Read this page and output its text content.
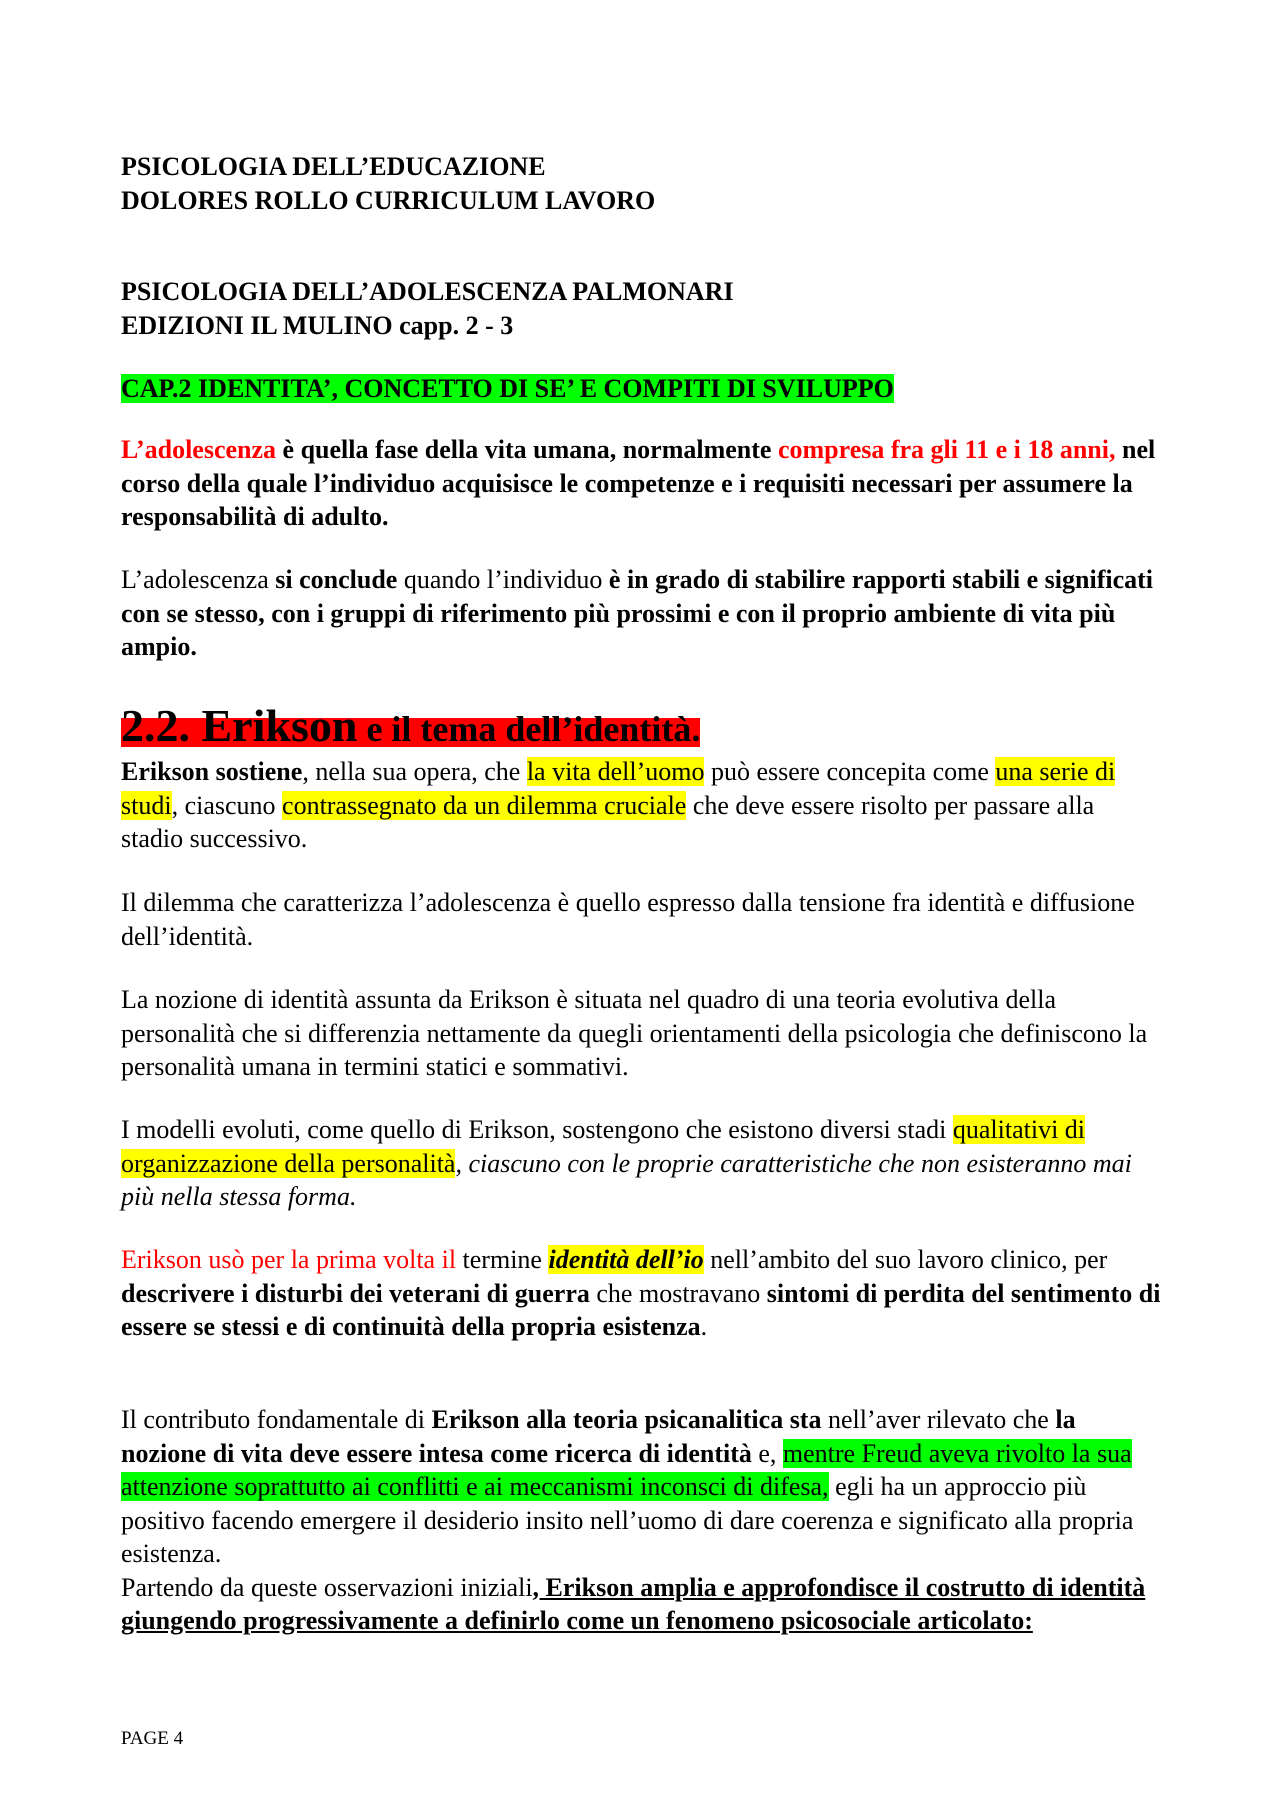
PSICOLOGIA DELL’EDUCAZIONE
DOLORES ROLLO CURRICULUM LAVORO

PSICOLOGIA DELL’ADOLESCENZA PALMONARI
EDIZIONI IL MULINO capp. 2 - 3

CAP.2 IDENTITA’, CONCETTO DI SE’ E COMPITI DI SVILUPPO

L’adolescenza è quella fase della vita umana, normalmente compresa fra gli 11 e i 18 anni, nel corso della quale l’individuo acquisisce le competenze e i requisiti necessari per assumere la responsabilità di adulto.

L’adolescenza si conclude quando l’individuo è in grado di stabilire rapporti stabili e significati con se stesso, con i gruppi di riferimento più prossimi e con il proprio ambiente di vita più ampio.

2.2. Erikson e il tema dell’identità.

Erikson sostiene, nella sua opera, che la vita dell’uomo può essere concepita come una serie di studi, ciascuno contrassegnato da un dilemma cruciale che deve essere risolto per passare alla stadio successivo.

Il dilemma che caratterizza l’adolescenza è quello espresso dalla tensione fra identità e diffusione dell’identità.

La nozione di identità assunta da Erikson è situata nel quadro di una teoria evolutiva della personalità che si differenzia nettamente da quegli orientamenti della psicologia che definiscono la personalità umana in termini statici e sommativi.

I modelli evoluti, come quello di Erikson, sostengono che esistono diversi stadi qualitativi di organizzazione della personalità, ciascuno con le proprie caratteristiche che non esisteranno mai più nella stessa forma.

Erikson usò per la prima volta il termine identità dell’io nell’ambito del suo lavoro clinico, per descrivere i disturbi dei veterani di guerra che mostravano sintomi di perdita del sentimento di essere se stessi e di continuità della propria esistenza.

Il contributo fondamentale di Erikson alla teoria psicanalitica sta nell’aver rilevato che la nozione di vita deve essere intesa come ricerca di identità e, mentre Freud aveva rivolto la sua attenzione soprattutto ai conflitti e ai meccanismi inconsci di difesa, egli ha un approccio più positivo facendo emergere il desiderio insito nell’uomo di dare coerenza e significato alla propria esistenza.
Partendo da queste osservazioni iniziali, Erikson amplia e approfondisce il costrutto di identità giungendo progressivamente a definirlo come un fenomeno psicosociale articolato:

PAGE 4
